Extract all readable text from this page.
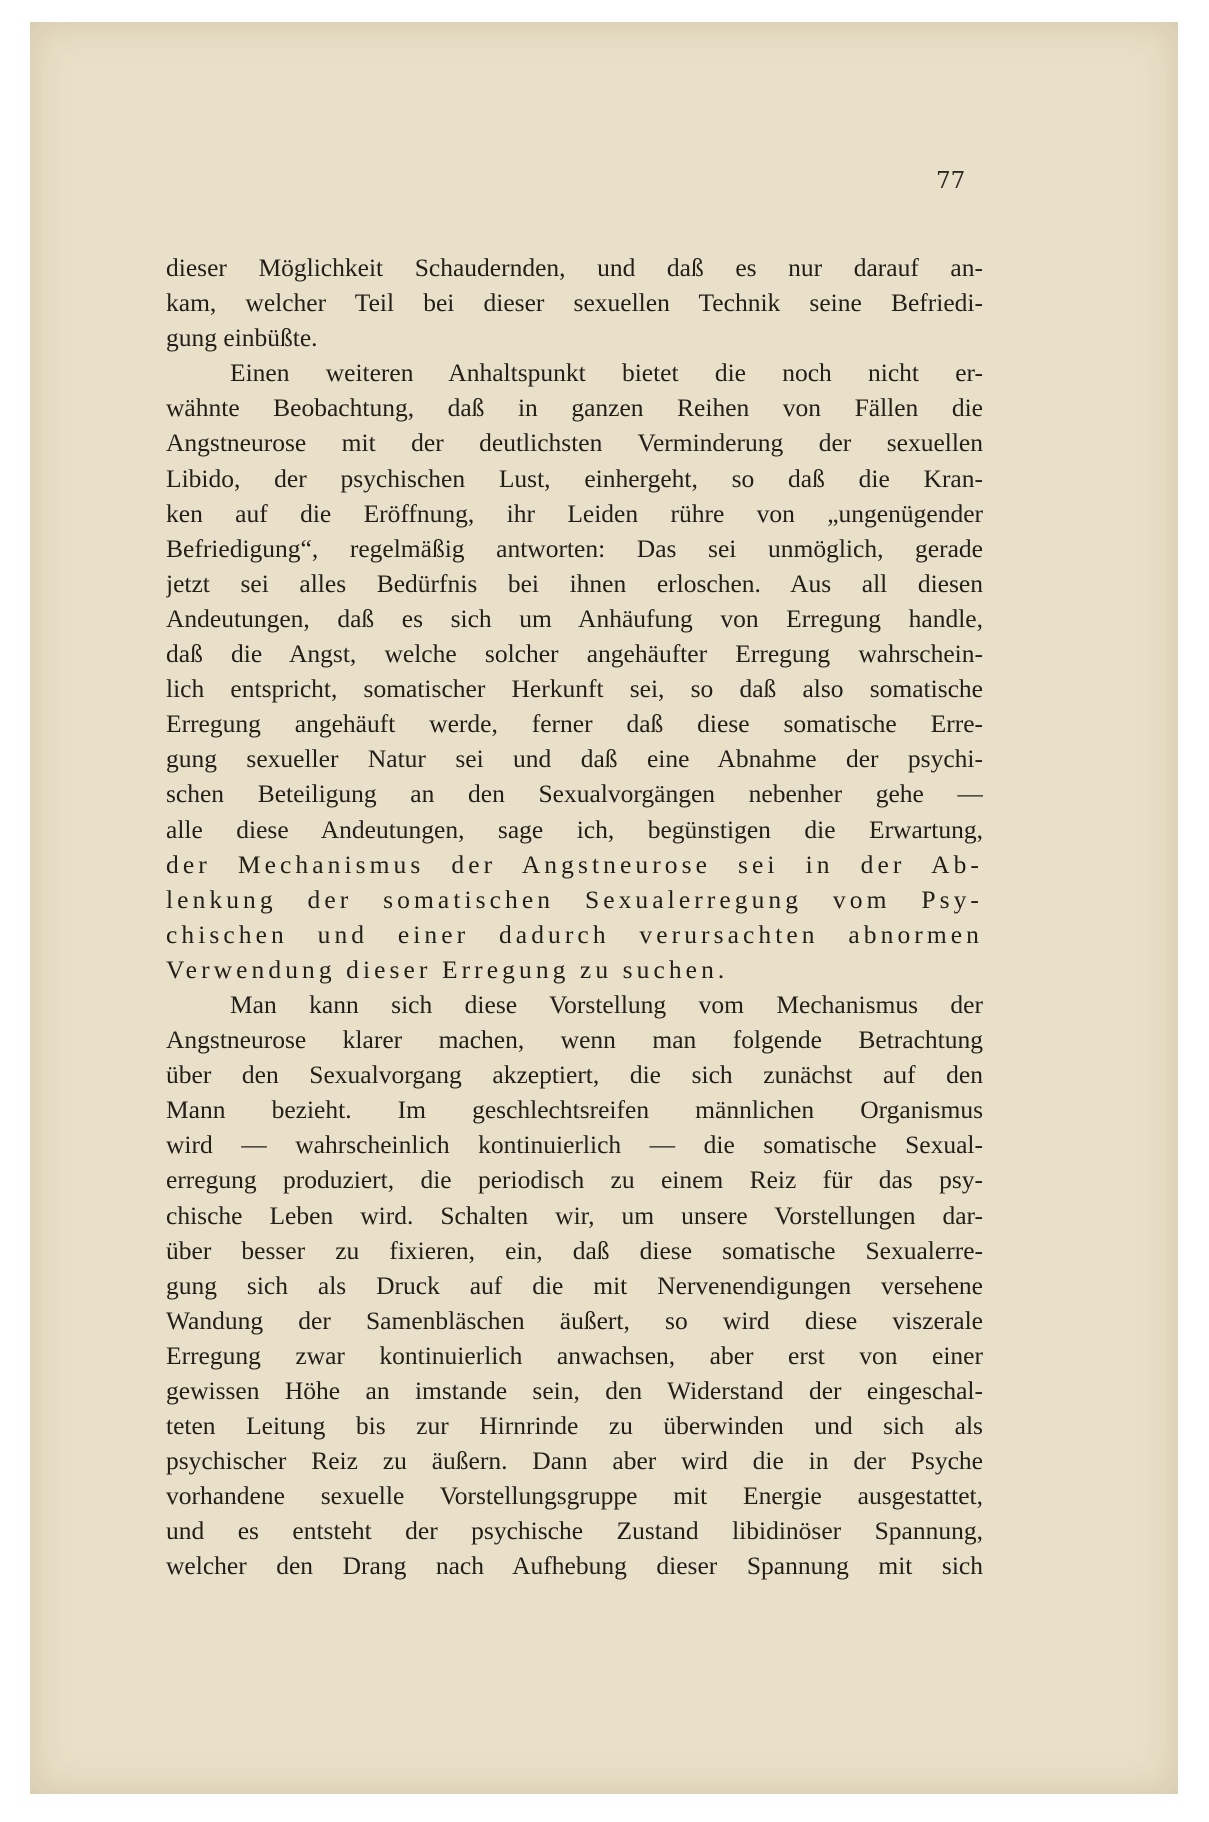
77
dieser Möglichkeit Schaudernden, und daß es nur darauf an-
kam, welcher Teil bei dieser sexuellen Technik seine Befriedi-
gung einbüßte.
Einen weiteren Anhaltspunkt bietet die noch nicht er-
wähnte Beobachtung, daß in ganzen Reihen von Fällen die
Angstneurose mit der deutlichsten Verminderung der sexuellen
Libido, der psychischen Lust, einhergeht, so daß die Kran-
ken auf die Eröffnung, ihr Leiden rühre von „ungenügender
Befriedigung“, regelmäßig antworten: Das sei unmöglich, gerade
jetzt sei alles Bedürfnis bei ihnen erloschen. Aus all diesen
Andeutungen, daß es sich um Anhäufung von Erregung handle,
daß die Angst, welche solcher angehäufter Erregung wahrschein-
lich entspricht, somatischer Herkunft sei, so daß also somatische
Erregung angehäuft werde, ferner daß diese somatische Erre-
gung sexueller Natur sei und daß eine Abnahme der psychi-
schen Beteiligung an den Sexualvorgängen nebenher gehe —
alle diese Andeutungen, sage ich, begünstigen die Erwartung,
der Mechanismus der Angstneurose sei in der Ab-
lenkung der somatischen Sexualerregung vom Psy-
chischen und einer dadurch verursachten abnormen
Verwendung dieser Erregung zu suchen.
Man kann sich diese Vorstellung vom Mechanismus der
Angstneurose klarer machen, wenn man folgende Betrachtung
über den Sexualvorgang akzeptiert, die sich zunächst auf den
Mann bezieht. Im geschlechtsreifen männlichen Organismus
wird — wahrscheinlich kontinuierlich — die somatische Sexual-
erregung produziert, die periodisch zu einem Reiz für das psy-
chische Leben wird. Schalten wir, um unsere Vorstellungen dar-
über besser zu fixieren, ein, daß diese somatische Sexualerre-
gung sich als Druck auf die mit Nervenendigungen versehene
Wandung der Samenbläschen äußert, so wird diese viszerale
Erregung zwar kontinuierlich anwachsen, aber erst von einer
gewissen Höhe an imstande sein, den Widerstand der eingeschal-
teten Leitung bis zur Hirnrinde zu überwinden und sich als
psychischer Reiz zu äußern. Dann aber wird die in der Psyche
vorhandene sexuelle Vorstellungsgruppe mit Energie ausgestattet,
und es entsteht der psychische Zustand libidinöser Spannung,
welcher den Drang nach Aufhebung dieser Spannung mit sich
